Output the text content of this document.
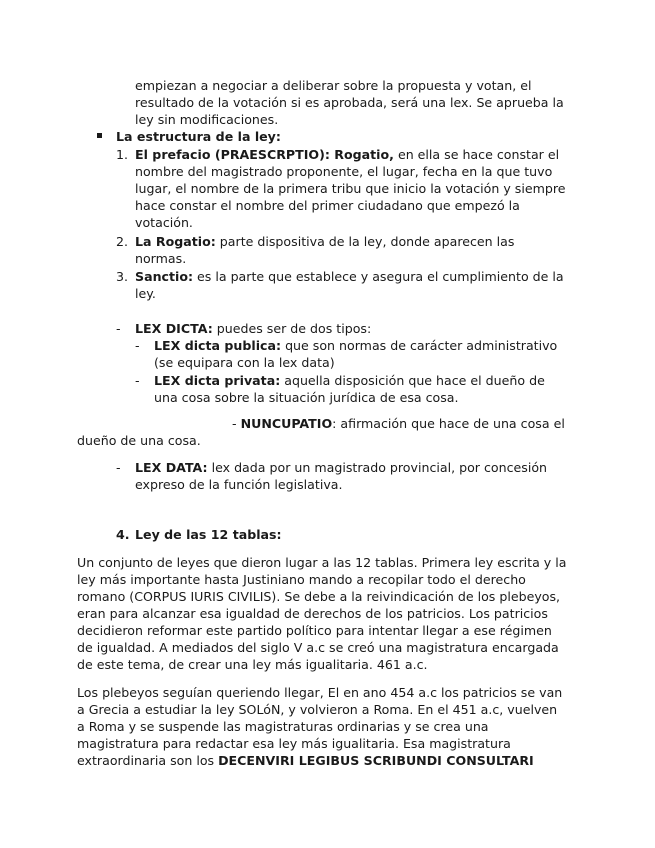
empiezan a negociar a deliberar sobre la propuesta y votan, el
resultado de la votación si es aprobada, será una lex. Se aprueba la
ley sin modificaciones.
La estructura de la ley:
1. El prefacio (PRAESCRPTIO): Rogatio, en ella se hace constar el
nombre del magistrado proponente, el lugar, fecha en la que tuvo
lugar, el nombre de la primera tribu que inicio la votación y siempre
hace constar el nombre del primer ciudadano que empezó la
votación.
2. La Rogatio: parte dispositiva de la ley, donde aparecen las
normas.
3. Sanctio: es la parte que establece y asegura el cumplimiento de la
ley.
- LEX DICTA: puedes ser de dos tipos:
- LEX dicta publica: que son normas de carácter administrativo
(se equipara con la lex data)
- LEX dicta privata: aquella disposición que hace el dueño de
una cosa sobre la situación jurídica de esa cosa.
- NUNCUPATIO: afirmación que hace de una cosa el
dueño de una cosa.
- LEX DATA: lex dada por un magistrado provincial, por concesión
expreso de la función legislativa.
4. Ley de las 12 tablas:
Un conjunto de leyes que dieron lugar a las 12 tablas. Primera ley escrita y la
ley más importante hasta Justiniano mando a recopilar todo el derecho
romano (CORPUS IURIS CIVILIS). Se debe a la reivindicación de los plebeyos,
eran para alcanzar esa igualdad de derechos de los patricios. Los patricios
decidieron reformar este partido político para intentar llegar a ese régimen
de igualdad. A mediados del siglo V a.c se creó una magistratura encargada
de este tema, de crear una ley más igualitaria. 461 a.c.
Los plebeyos seguían queriendo llegar, El en ano 454 a.c los patricios se van
a Grecia a estudiar la ley SOLóN, y volvieron a Roma. En el 451 a.c, vuelven
a Roma y se suspende las magistraturas ordinarias y se crea una
magistratura para redactar esa ley más igualitaria. Esa magistratura
extraordinaria son los DECENVIRI LEGIBUS SCRIBUNDI CONSULTARI
